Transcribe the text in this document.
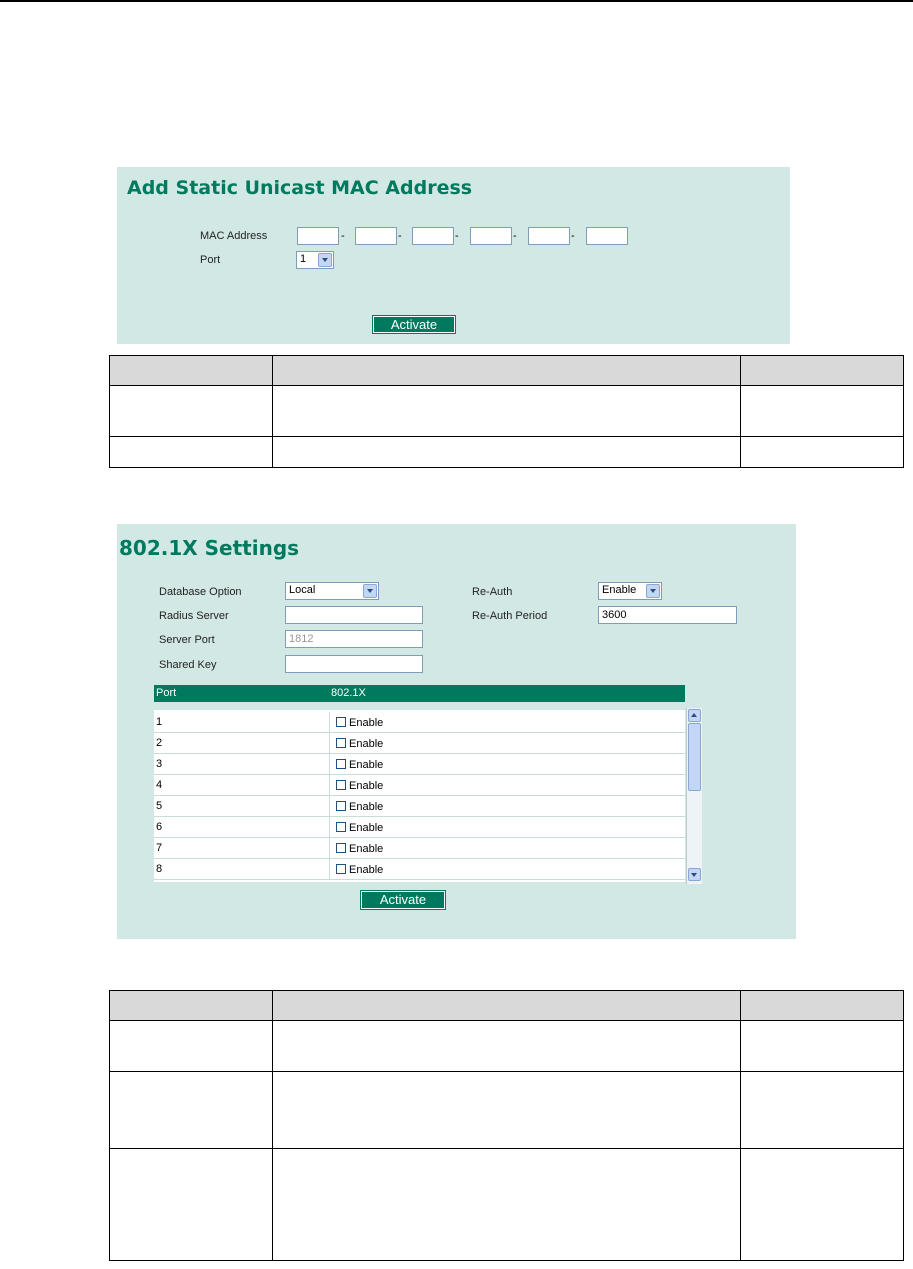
Add Static Unicast MAC Address
MAC Address	-	-	-	-	-
Port	1
Activate

802.1X Settings
Database Option	Local
Radius Server
Server Port	1812
Shared Key
Re-Auth	Enable
Re-Auth Period	3600
Port	802.1X
1	Enable
2	Enable
3	Enable
4	Enable
5	Enable
6	Enable
7	Enable
8	Enable
Activate
